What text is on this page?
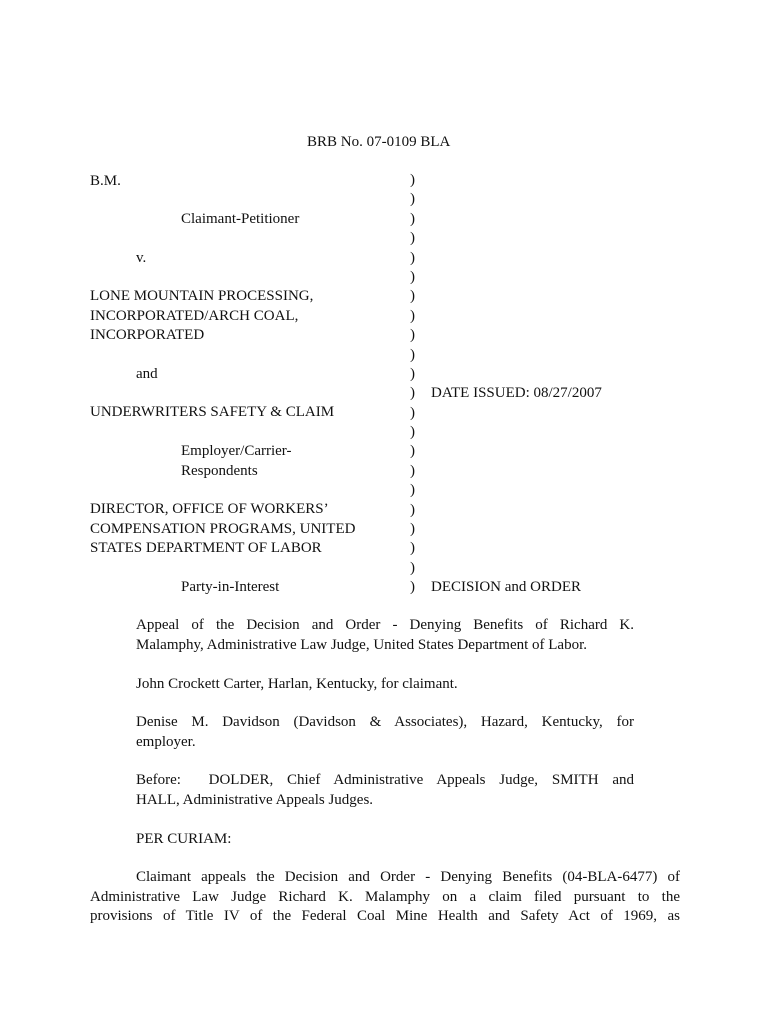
BRB No. 07-0109 BLA
B.M.
Claimant-Petitioner
v.
LONE MOUNTAIN PROCESSING,
INCORPORATED/ARCH COAL,
INCORPORATED
and
UNDERWRITERS SAFETY & CLAIM
Employer/Carrier-
Respondents
DIRECTOR, OFFICE OF WORKERS’
COMPENSATION PROGRAMS, UNITED
STATES DEPARTMENT OF LABOR
Party-in-Interest
)
)
)
)
)
)
)
)
)
)
)
)
)
)
)
)
)
)
)
)
)
)
DATE ISSUED: 08/27/2007
DECISION and ORDER
Appeal of the Decision and Order - Denying Benefits of Richard K.
Malamphy, Administrative Law Judge, United States Department of Labor.
John Crockett Carter, Harlan, Kentucky, for claimant.
Denise M. Davidson (Davidson & Associates), Hazard, Kentucky, for
employer.
Before:  DOLDER, Chief Administrative Appeals Judge, SMITH and
HALL, Administrative Appeals Judges.
PER CURIAM:
Claimant appeals the Decision and Order - Denying Benefits (04-BLA-6477) of
Administrative Law Judge Richard K. Malamphy on a claim filed pursuant to the
provisions of Title IV of the Federal Coal Mine Health and Safety Act of 1969, as
